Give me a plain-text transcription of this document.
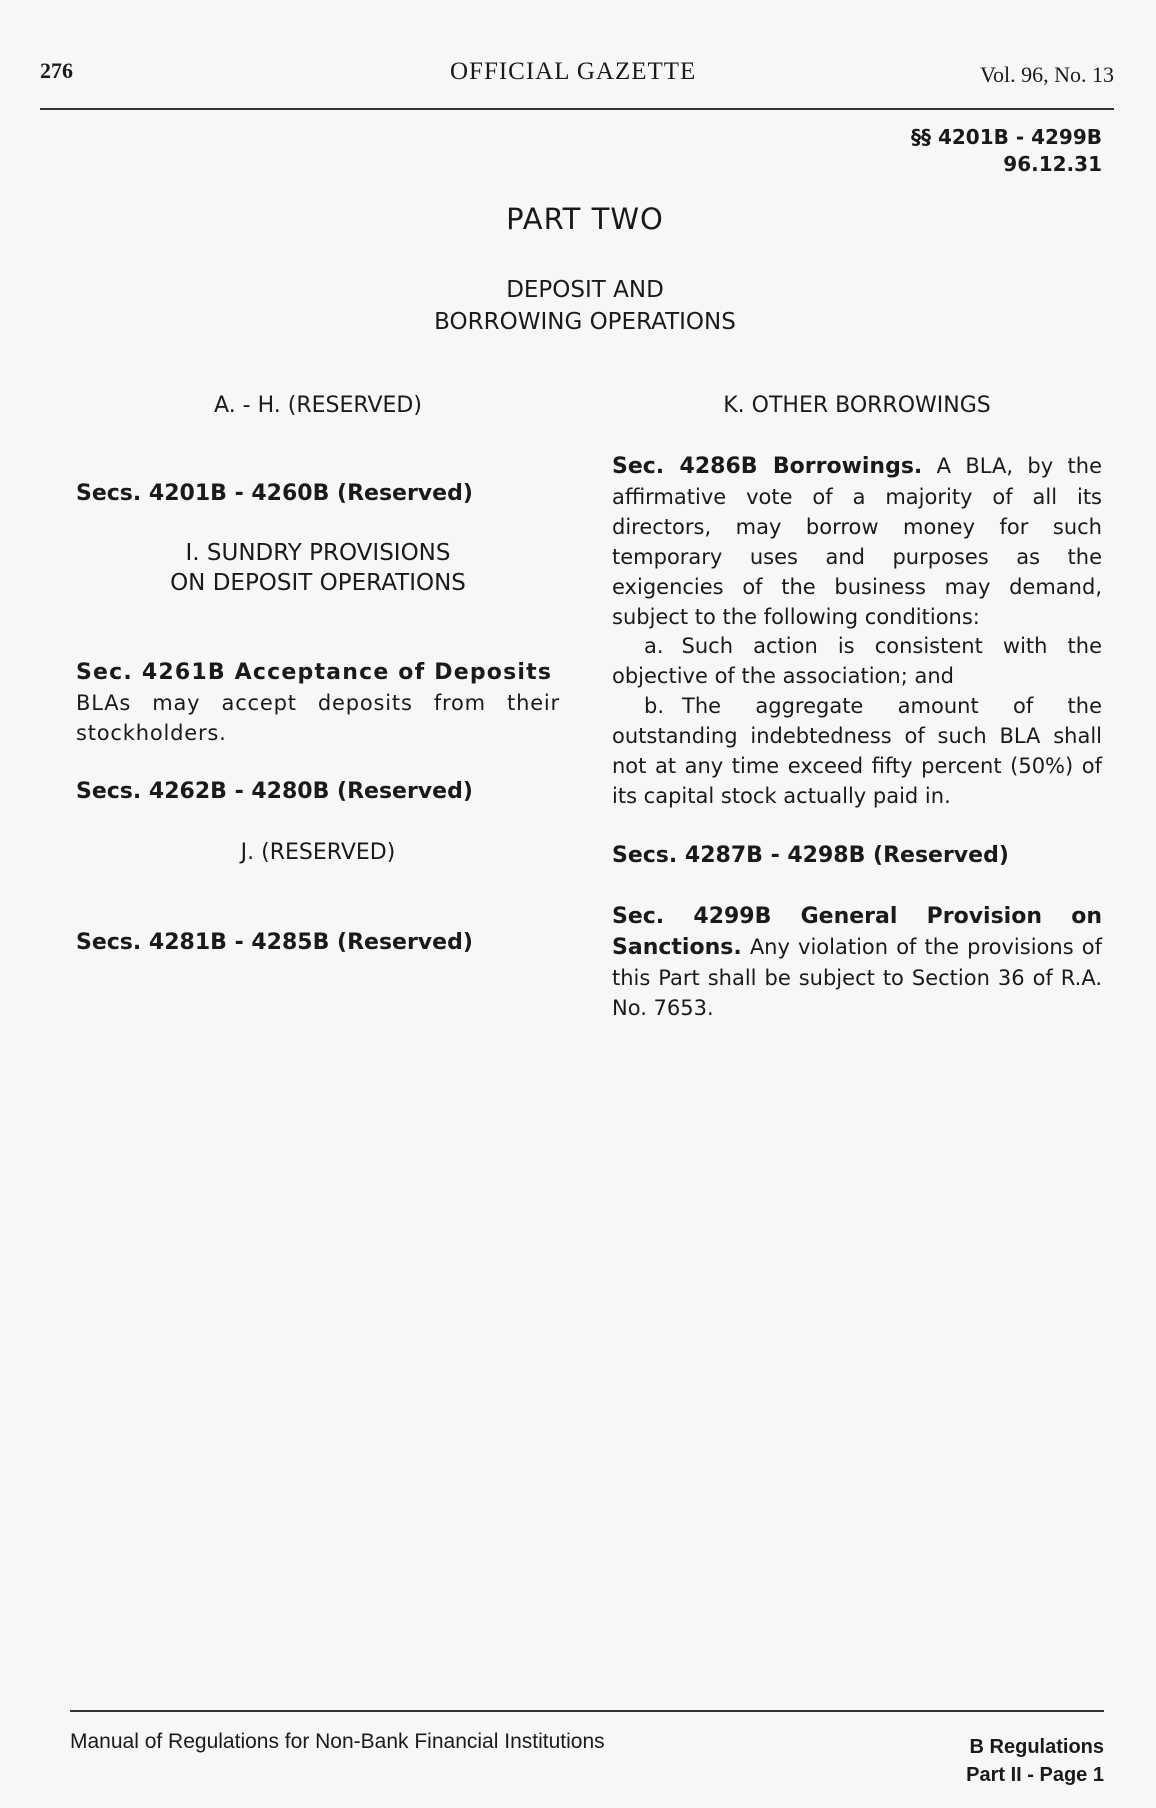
276	OFFICIAL GAZETTE	Vol. 96, No. 13
§§ 4201B - 4299B
96.12.31
PART TWO
DEPOSIT AND
BORROWING OPERATIONS
A. - H. (RESERVED)
Secs. 4201B - 4260B (Reserved)
I. SUNDRY PROVISIONS
ON DEPOSIT OPERATIONS
Sec. 4261B Acceptance of Deposits
BLAs may accept deposits from their stockholders.
Secs. 4262B - 4280B (Reserved)
J. (RESERVED)
Secs. 4281B - 4285B (Reserved)
K. OTHER BORROWINGS
Sec. 4286B Borrowings. A BLA, by the affirmative vote of a majority of all its directors, may borrow money for such temporary uses and purposes as the exigencies of the business may demand, subject to the following conditions:
a. Such action is consistent with the objective of the association; and
b. The aggregate amount of the outstanding indebtedness of such BLA shall not at any time exceed fifty percent (50%) of its capital stock actually paid in.
Secs. 4287B - 4298B (Reserved)
Sec. 4299B General Provision on Sanctions. Any violation of the provisions of this Part shall be subject to Section 36 of R.A. No. 7653.
Manual of Regulations for Non-Bank Financial Institutions	B Regulations
Part II - Page 1
